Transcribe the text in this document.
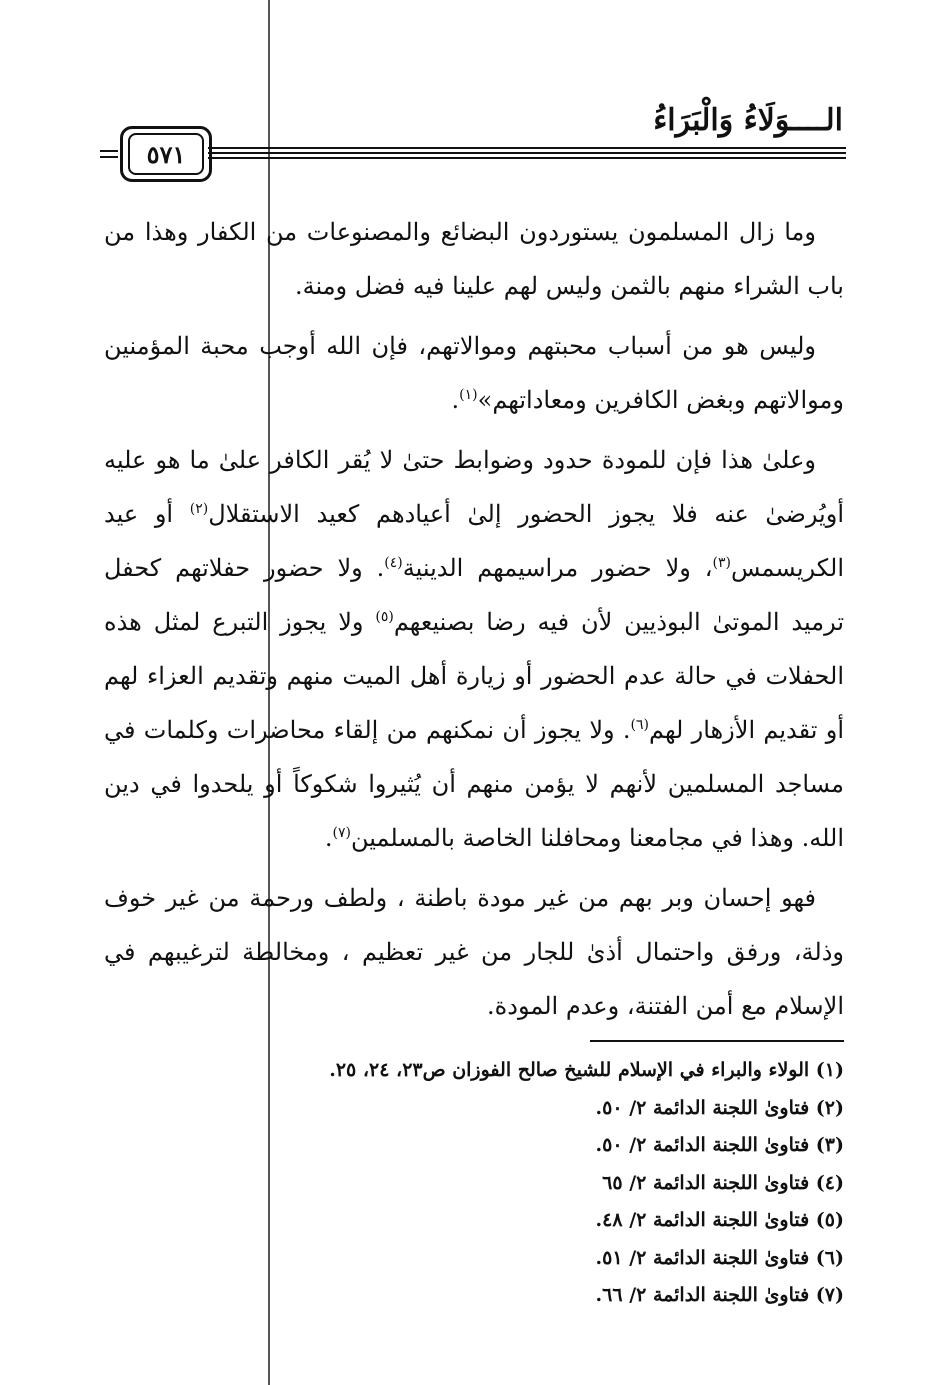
الــــوَلَاءُ وَالْبَرَاءُ
٥٧١

وما زال المسلمون يستوردون البضائع والمصنوعات من الكفار وهذا من باب الشراء منهم بالثمن وليس لهم علينا فيه فضل ومنة.

وليس هو من أسباب محبتهم وموالاتهم، فإن الله أوجب محبة المؤمنين وموالاتهم وبغض الكافرين ومعاداتهم»$^{(١)}$.

وعلىٰ هذا فإن للمودة حدود وضوابط حتىٰ لا يُقر الكافر علىٰ ما هو عليه أويُرضىٰ عنه فلا يجوز الحضور إلىٰ أعيادهم كعيد الاستقلال$^{(٢)}$ أو عيد الكريسمس$^{(٣)}$، ولا حضور مراسيمهم الدينية$^{(٤)}$. ولا حضور حفلاتهم كحفل ترميد الموتىٰ البوذيين لأن فيه رضا بصنيعهم$^{(٥)}$ ولا يجوز التبرع لمثل هذه الحفلات في حالة عدم الحضور أو زيارة أهل الميت منهم وتقديم العزاء لهم أو تقديم الأزهار لهم$^{(٦)}$. ولا يجوز أن نمكنهم من إلقاء محاضرات وكلمات في مساجد المسلمين لأنهم لا يؤمن منهم أن يُثيروا شكوكاً أو يلحدوا في دين الله. وهذا في مجامعنا ومحافلنا الخاصة بالمسلمين$^{(٧)}$.

فهو إحسان وبر بهم من غير مودة باطنة ، ولطف ورحمة من غير خوف وذلة، ورفق واحتمال أذىٰ للجار من غير تعظيم ، ومخالطة لترغيبهم في الإسلام مع أمن الفتنة، وعدم المودة.

(١) الولاء والبراء في الإسلام للشيخ صالح الفوزان ص٢٣، ٢٤، ٢٥.
(٢) فتاوىٰ اللجنة الدائمة ٢/ ٥٠.
(٣) فتاوىٰ اللجنة الدائمة ٢/ ٥٠.
(٤) فتاوىٰ اللجنة الدائمة ٢/ ٦٥
(٥) فتاوىٰ اللجنة الدائمة ٢/ ٤٨.
(٦) فتاوىٰ اللجنة الدائمة ٢/ ٥١.
(٧) فتاوىٰ اللجنة الدائمة ٢/ ٦٦.
